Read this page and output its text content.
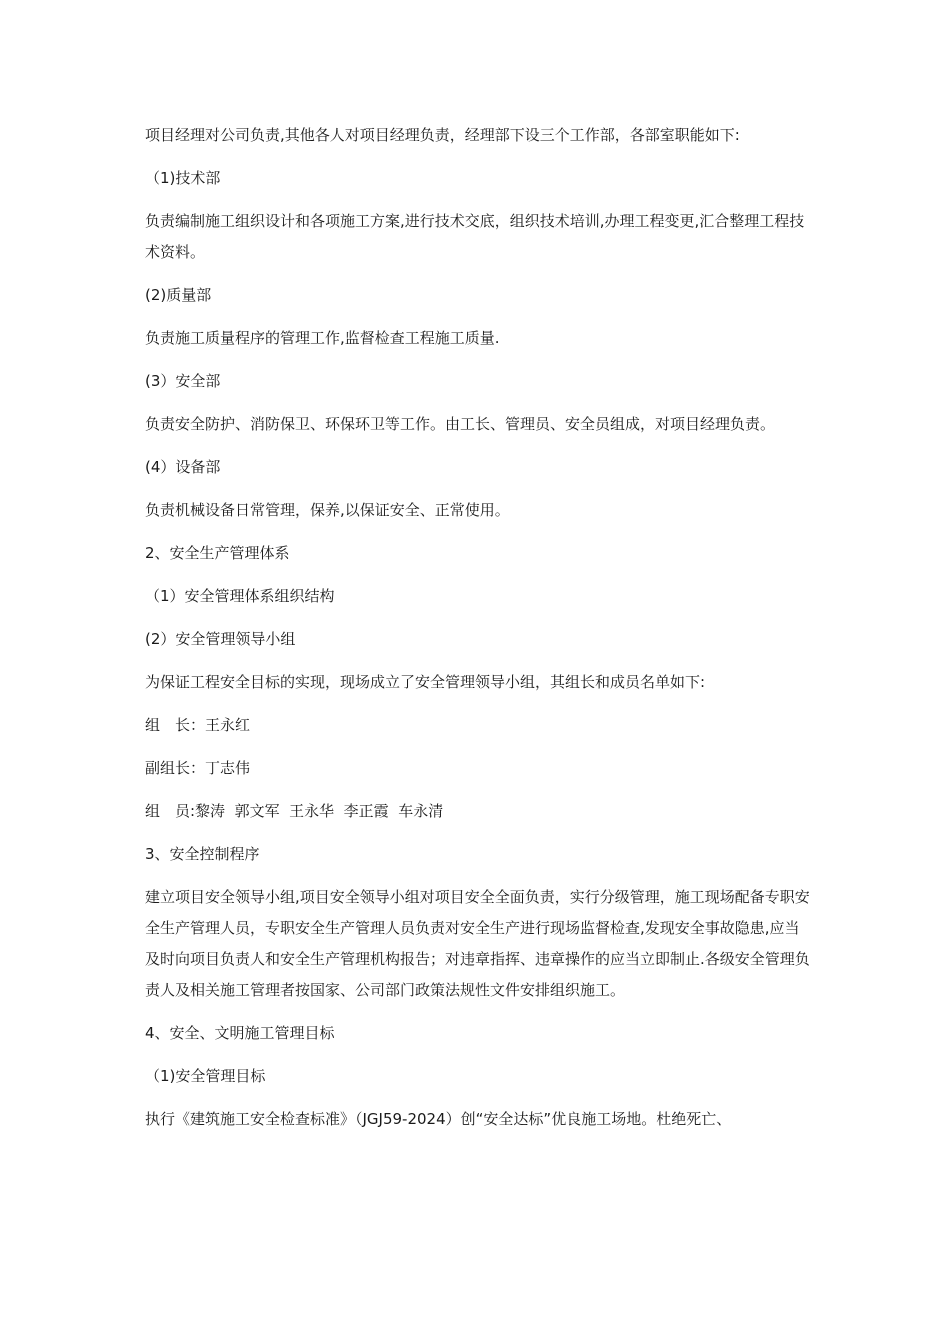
项目经理对公司负责,其他各人对项目经理负责，经理部下设三个工作部，各部室职能如下:

（1)技术部

负责编制施工组织设计和各项施工方案,进行技术交底，组织技术培训,办理工程变更,汇合整理工程技术资料。

(2)质量部

负责施工质量程序的管理工作,监督检查工程施工质量.

(3）安全部

负责安全防护、消防保卫、环保环卫等工作。由工长、管理员、安全员组成，对项目经理负责。

(4）设备部

负责机械设备日常管理，保养,以保证安全、正常使用。

2、安全生产管理体系

（1）安全管理体系组织结构

(2）安全管理领导小组

为保证工程安全目标的实现，现场成立了安全管理领导小组，其组长和成员名单如下:

组　长：王永红

副组长：丁志伟

组　员:黎涛  郭文军  王永华  李正霞  车永清

3、安全控制程序

建立项目安全领导小组,项目安全领导小组对项目安全全面负责，实行分级管理，施工现场配备专职安全生产管理人员，专职安全生产管理人员负责对安全生产进行现场监督检查,发现安全事故隐患,应当及时向项目负责人和安全生产管理机构报告；对违章指挥、违章操作的应当立即制止.各级安全管理负责人及相关施工管理者按国家、公司部门政策法规性文件安排组织施工。

4、安全、文明施工管理目标

（1)安全管理目标

执行《建筑施工安全检查标准》（JGJ59-2024）创“安全达标”优良施工场地。杜绝死亡、
